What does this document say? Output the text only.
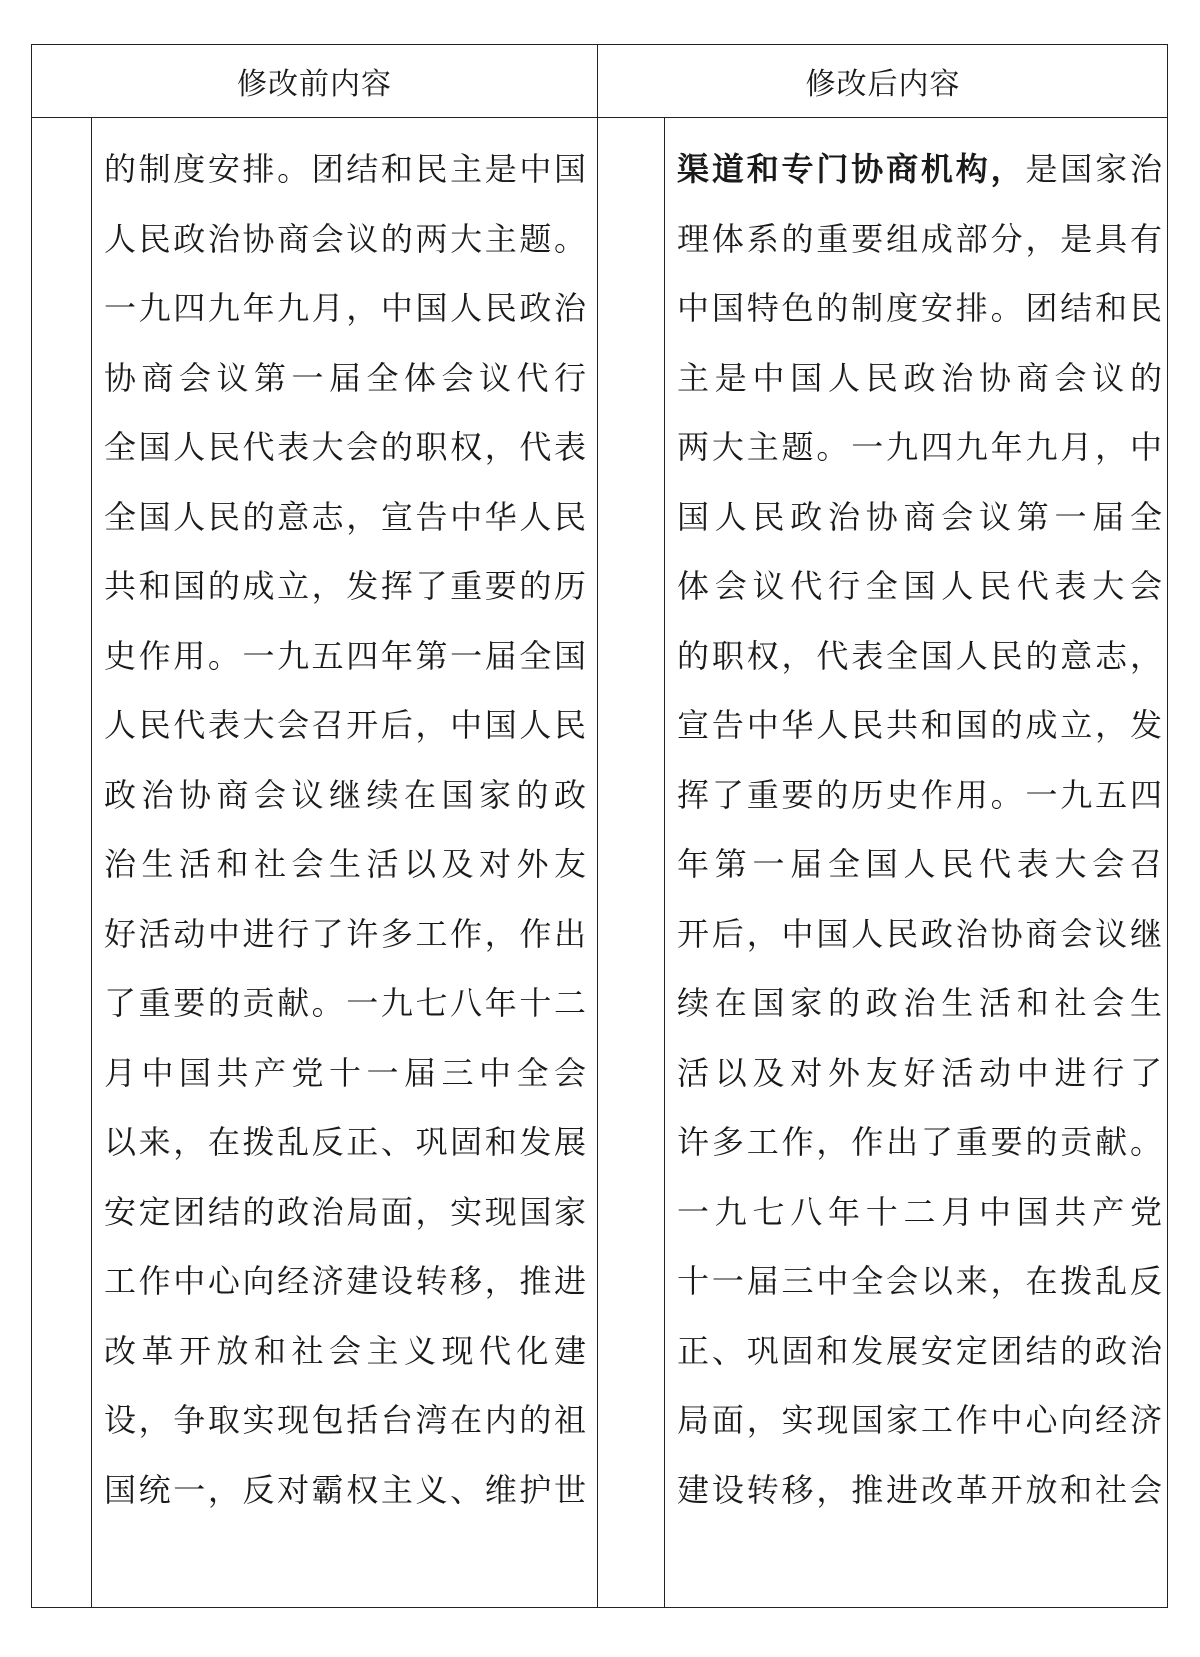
修改前内容	修改后内容
的制度安排。团结和民主是中国
人民政治协商会议的两大主题。
一九四九年九月，中国人民政治
协商会议第一届全体会议代行
全国人民代表大会的职权，代表
全国人民的意志，宣告中华人民
共和国的成立，发挥了重要的历
史作用。一九五四年第一届全国
人民代表大会召开后，中国人民
政治协商会议继续在国家的政
治生活和社会生活以及对外友
好活动中进行了许多工作，作出
了重要的贡献。一九七八年十二
月中国共产党十一届三中全会
以来，在拨乱反正、巩固和发展
安定团结的政治局面，实现国家
工作中心向经济建设转移，推进
改革开放和社会主义现代化建
设，争取实现包括台湾在内的祖
国统一，反对霸权主义、维护世
渠道和专门协商机构，是国家治
理体系的重要组成部分，是具有
中国特色的制度安排。团结和民
主是中国人民政治协商会议的
两大主题。一九四九年九月，中
国人民政治协商会议第一届全
体会议代行全国人民代表大会
的职权，代表全国人民的意志，
宣告中华人民共和国的成立，发
挥了重要的历史作用。一九五四
年第一届全国人民代表大会召
开后，中国人民政治协商会议继
续在国家的政治生活和社会生
活以及对外友好活动中进行了
许多工作，作出了重要的贡献。
一九七八年十二月中国共产党
十一届三中全会以来，在拨乱反
正、巩固和发展安定团结的政治
局面，实现国家工作中心向经济
建设转移，推进改革开放和社会
